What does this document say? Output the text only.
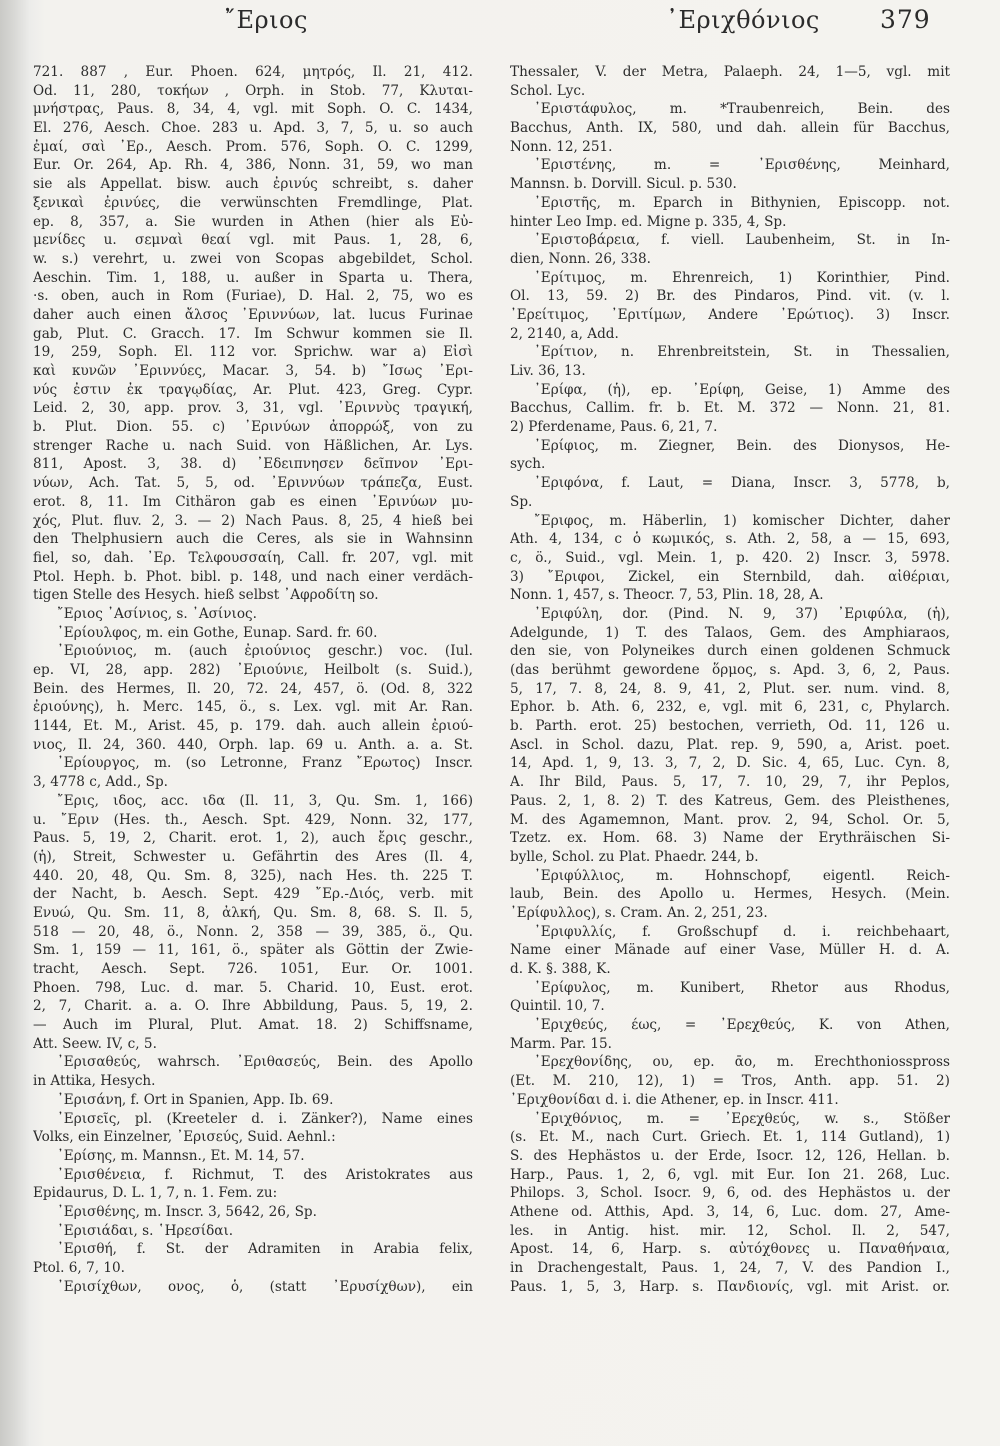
῎Εριος	᾿Εριχθόνιος 379
721. 887 , Eur. Phoen. 624, μητρός, Il. 21, 412.
Od. 11, 280, τοκήων , Orph. in Stob. 77, Κλυται-
μνήστρας, Paus. 8, 34, 4, vgl. mit Soph. O. C. 1434,
El. 276, Aesch. Choe. 283 u. Apd. 3, 7, 5, u. so auch
ἐμαί, σαὶ ᾿Ερ., Aesch. Prom. 576, Soph. O. C. 1299,
Eur. Or. 264, Ap. Rh. 4, 386, Nonn. 31, 59, wo man
sie als Appellat. bisw. auch ἐρινύς schreibt, s. daher
ξενικαὶ ἐρινύες, die verwünschten Fremdlinge, Plat.
ep. 8, 357, a. Sie wurden in Athen (hier als Εὐ-
μενίδες u. σεμναὶ θεαί vgl. mit Paus. 1, 28, 6,
w. s.) verehrt, u. zwei von Scopas abgebildet, Schol.
Aeschin. Tim. 1, 188, u. außer in Sparta u. Thera,
·s. oben, auch in Rom (Furiae), D. Hal. 2, 75, wo es
daher auch einen ἄλσος ᾿Εριννύων, lat. lucus Furinae
gab, Plut. C. Gracch. 17. Im Schwur kommen sie Il.
19, 259, Soph. El. 112 vor. Sprichw. war a) Εἰσὶ
καὶ κυνῶν ᾿Εριννύες, Macar. 3, 54. b) ῎Ισως ᾿Ερι-
νύς ἐστιν ἐκ τραγῳδίας, Ar. Plut. 423, Greg. Cypr.
Leid. 2, 30, app. prov. 3, 31, vgl. ᾿Εριννὺς τραγική,
b. Plut. Dion. 55. c) ᾿Ερινύων ἀπορρώξ, von zu
strenger Rache u. nach Suid. von Häßlichen, Ar. Lys.
811, Apost. 3, 38. d) ᾿Εδειπνησεν δεῖπνον ᾿Ερι-
νύων, Ach. Tat. 5, 5, od. ᾿Εριννύων τράπεζα, Eust.
erot. 8, 11. Im Cithäron gab es einen ᾿Ερινύων μυ-
χός, Plut. fluv. 2, 3. — 2) Nach Paus. 8, 25, 4 hieß bei
den Thelphusiern auch die Ceres, als sie in Wahnsinn
fiel, so, dah. ᾿Ερ. Τελφουσσαίη, Call. fr. 207, vgl. mit
Ptol. Heph. b. Phot. bibl. p. 148, und nach einer verdäch-
tigen Stelle des Hesych. hieß selbst ᾿Αφροδίτη so.
῎Εριος ᾿Ασίνιος, s. ᾿Ασίνιος.
᾿Ερίουλφος, m. ein Gothe, Eunap. Sard. fr. 60.
᾿Εριούνιος, m. (auch ἐριούνιος geschr.) voc. (Iul.
ep. VI, 28, app. 282) ᾿Εριούνιε, Heilbolt (s. Suid.),
Bein. des Hermes, Il. 20, 72. 24, 457, ö. (Od. 8, 322
ἐριούνης), h. Merc. 145, ö., s. Lex. vgl. mit Ar. Ran.
1144, Et. M., Arist. 45, p. 179. dah. auch allein ἐριού-
νιος, Il. 24, 360. 440, Orph. lap. 69 u. Anth. a. a. St.
᾿Ερίουργος, m. (so Letronne, Franz ῎Ερωτος) Inscr.
3, 4778 c, Add., Sp.
῎Ερις, ιδος, acc. ιδα (Il. 11, 3, Qu. Sm. 1, 166)
u. ῎Εριν (Hes. th., Aesch. Spt. 429, Nonn. 32, 177,
Paus. 5, 19, 2, Charit. erot. 1, 2), auch ἔρις geschr.,
(ἡ), Streit, Schwester u. Gefährtin des Ares (Il. 4,
440. 20, 48, Qu. Sm. 8, 325), nach Hes. th. 225 T.
der Nacht, b. Aesch. Sept. 429 ῎Ερ.-Διός, verb. mit
Ενυώ, Qu. Sm. 11, 8, ἀλκή, Qu. Sm. 8, 68. S. Il. 5,
518 — 20, 48, ö., Nonn. 2, 358 — 39, 385, ö., Qu.
Sm. 1, 159 — 11, 161, ö., später als Göttin der Zwie-
tracht, Aesch. Sept. 726. 1051, Eur. Or. 1001.
Phoen. 798, Luc. d. mar. 5. Charid. 10, Eust. erot.
2, 7, Charit. a. a. O. Ihre Abbildung, Paus. 5, 19, 2.
— Auch im Plural, Plut. Amat. 18. 2) Schiffsname,
Att. Seew. IV, c, 5.
᾿Ερισαθεύς, wahrsch. ᾿Εριθασεύς, Bein. des Apollo
in Attika, Hesych.
᾿Ερισάνη, f. Ort in Spanien, App. Ib. 69.
᾿Ερισεῖς, pl. (Kreeteler d. i. Zänker?), Name eines
Volks, ein Einzelner, ᾿Ερισεύς, Suid. Aehnl.:
᾿Ερίσης, m. Mannsn., Et. M. 14, 57.
᾿Ερισθένεια, f. Richmut, T. des Aristokrates aus
Epidaurus, D. L. 1, 7, n. 1. Fem. zu:
᾿Ερισθένης, m. Inscr. 3, 5642, 26, Sp.
᾿Ερισιάδαι, s. ῾Ηρεσίδαι.
᾿Ερισθή, f. St. der Adramiten in Arabia felix,
Ptol. 6, 7, 10.
᾿Ερισίχθων, ονος, ὁ, (statt ᾿Ερυσίχθων), ein
Thessaler, V. der Metra, Palaeph. 24, 1—5, vgl. mit
Schol. Lyc.
᾿Εριστάφυλος, m. *Traubenreich, Bein. des
Bacchus, Anth. IX, 580, und dah. allein für Bacchus,
Nonn. 12, 251.
᾿Εριστένης, m. = ᾿Ερισθένης, Meinhard,
Mannsn. b. Dorvill. Sicul. p. 530.
᾿Εριστῆς, m. Eparch in Bithynien, Episcopp. not.
hinter Leo Imp. ed. Migne p. 335, 4, Sp.
᾿Εριστοβάρεια, f. viell. Laubenheim, St. in In-
dien, Nonn. 26, 338.
᾿Ερίτιμος, m. Ehrenreich, 1) Korinthier, Pind.
Ol. 13, 59. 2) Br. des Pindaros, Pind. vit. (v. l.
᾿Ερείτιμος, ᾿Εριτίμων, Andere ᾿Ερώτιος). 3) Inscr.
2, 2140, a, Add.
᾿Ερίτιον, n. Ehrenbreitstein, St. in Thessalien,
Liv. 36, 13.
᾿Ερίφα, (ἡ), ep. ᾿Ερίφη, Geise, 1) Amme des
Bacchus, Callim. fr. b. Et. M. 372 — Nonn. 21, 81.
2) Pferdename, Paus. 6, 21, 7.
᾿Ερίφιος, m. Ziegner, Bein. des Dionysos, He-
sych.
᾿Εριφόνα, f. Laut, = Diana, Inscr. 3, 5778, b,
Sp.
῎Εριφος, m. Häberlin, 1) komischer Dichter, daher
Ath. 4, 134, c ὁ κωμικός, s. Ath. 2, 58, a — 15, 693,
c, ö., Suid., vgl. Mein. 1, p. 420. 2) Inscr. 3, 5978.
3) ῎Εριφοι, Zickel, ein Sternbild, dah. αἰθέριαι,
Nonn. 1, 457, s. Theocr. 7, 53, Plin. 18, 28, A.
᾿Εριφύλη, dor. (Pind. N. 9, 37) ᾿Εριφύλα, (ἡ),
Adelgunde, 1) T. des Talaos, Gem. des Amphiaraos,
den sie, von Polyneikes durch einen goldenen Schmuck
(das berühmt gewordene ὅρμος, s. Apd. 3, 6, 2, Paus.
5, 17, 7. 8, 24, 8. 9, 41, 2, Plut. ser. num. vind. 8,
Ephor. b. Ath. 6, 232, e, vgl. mit 6, 231, c, Phylarch.
b. Parth. erot. 25) bestochen, verrieth, Od. 11, 126 u.
Ascl. in Schol. dazu, Plat. rep. 9, 590, a, Arist. poet.
14, Apd. 1, 9, 13. 3, 7, 2, D. Sic. 4, 65, Luc. Cyn. 8,
A. Ihr Bild, Paus. 5, 17, 7. 10, 29, 7, ihr Peplos,
Paus. 2, 1, 8. 2) T. des Katreus, Gem. des Pleisthenes,
M. des Agamemnon, Mant. prov. 2, 94, Schol. Or. 5,
Tzetz. ex. Hom. 68. 3) Name der Erythräischen Si-
bylle, Schol. zu Plat. Phaedr. 244, b.
᾿Εριφύλλιος, m. Hohnschopf, eigentl. Reich-
laub, Bein. des Apollo u. Hermes, Hesych. (Mein.
᾿Ερίφυλλος), s. Cram. An. 2, 251, 23.
᾿Εριφυλλίς, f. Großschupf d. i. reichbehaart,
Name einer Mänade auf einer Vase, Müller H. d. A.
d. K. §. 388, K.
᾿Ερίφυλος, m. Kunibert, Rhetor aus Rhodus,
Quintil. 10, 7.
᾿Εριχθεύς, έως, = ᾿Ερεχθεύς, K. von Athen,
Marm. Par. 15.
᾿Ερεχθονίδης, ου, ep. ᾱο, m. Erechthoniosspross
(Et. M. 210, 12), 1) = Tros, Anth. app. 51. 2)
᾿Εριχθονίδαι d. i. die Athener, ep. in Inscr. 411.
᾿Εριχθόνιος, m. = ᾿Ερεχθεύς, w. s., Stößer
(s. Et. M., nach Curt. Griech. Et. 1, 114 Gutland), 1)
S. des Hephästos u. der Erde, Isocr. 12, 126, Hellan. b.
Harp., Paus. 1, 2, 6, vgl. mit Eur. Ion 21. 268, Luc.
Philops. 3, Schol. Isocr. 9, 6, od. des Hephästos u. der
Athene od. Atthis, Apd. 3, 14, 6, Luc. dom. 27, Ame-
les. in Antig. hist. mir. 12, Schol. Il. 2, 547,
Apost. 14, 6, Harp. s. αὐτόχθονες u. Παναθήναια,
in Drachengestalt, Paus. 1, 24, 7, V. des Pandion I.,
Paus. 1, 5, 3, Harp. s. Πανδιονίς, vgl. mit Arist. or.
